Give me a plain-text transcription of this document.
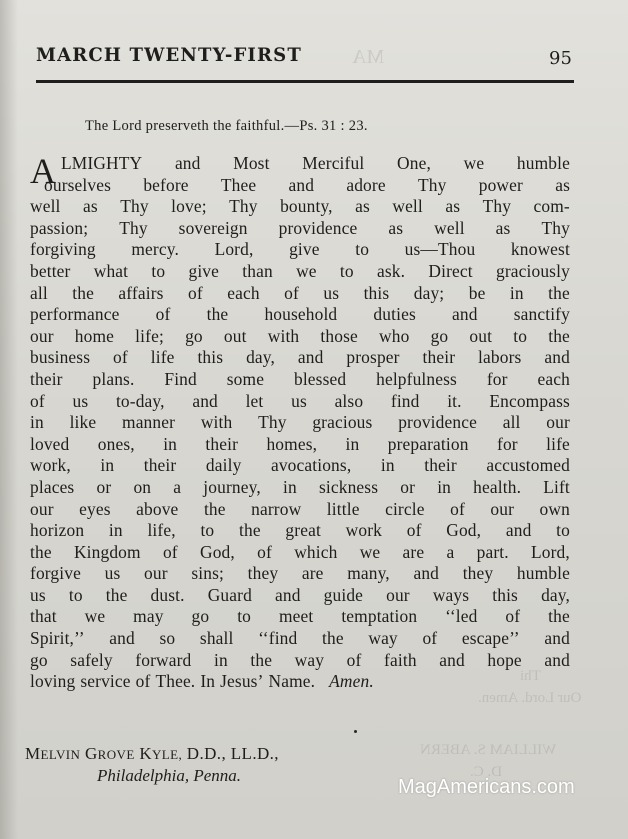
MA
Thi
Our Lord. Amen.
WILLIAM S. ABERN
D. C.
MARCH TWENTY-FIRST	95
The Lord preserveth the faithful.—Ps. 31 : 23.
A LMIGHTY and Most Merciful One, we humble
ourselves before Thee and adore Thy power as
well as Thy love; Thy bounty, as well as Thy com-
passion; Thy sovereign providence as well as Thy
forgiving mercy. Lord, give to us—Thou knowest
better what to give than we to ask. Direct graciously
all the affairs of each of us this day; be in the
performance of the household duties and sanctify
our home life; go out with those who go out to the
business of life this day, and prosper their labors and
their plans. Find some blessed helpfulness for each
of us to-day, and let us also find it. Encompass
in like manner with Thy gracious providence all our
loved ones, in their homes, in preparation for life
work, in their daily avocations, in their accustomed
places or on a journey, in sickness or in health. Lift
our eyes above the narrow little circle of our own
horizon in life, to the great work of God, and to
the Kingdom of God, of which we are a part. Lord,
forgive us our sins; they are many, and they humble
us to the dust. Guard and guide our ways this day,
that we may go to meet temptation ‘‘led of the
Spirit,’’ and so shall ‘‘find the way of escape’’ and
go safely forward in the way of faith and hope and
loving service of Thee. In Jesus’ Name. Amen.
MELVIN GROVE KYLE, D.D., LL.D.,
Philadelphia, Penna.
MagAmericans.com
